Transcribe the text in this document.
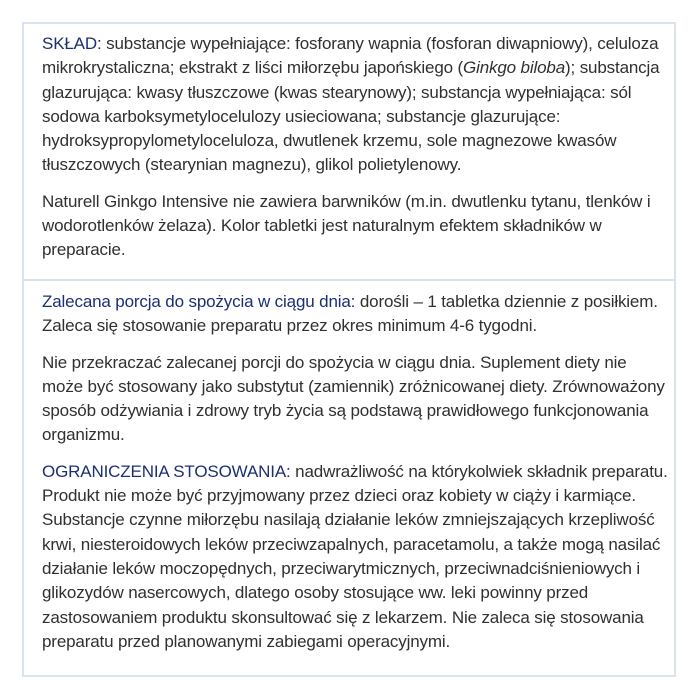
SKŁAD: substancje wypełniające: fosforany wapnia (fosforan diwapniowy), celuloza mikrokrystaliczna; ekstrakt z liści miłorzębu japońskiego (Ginkgo biloba); substancja glazurująca: kwasy tłuszczowe (kwas stearynowy); substancja wypełniająca: sól sodowa karboksymetylocelulozy usieciowana; substancje glazurujące: hydroksypropylometyloceluloza, dwutlenek krzemu, sole magnezowe kwasów tłuszczowych (stearynian magnezu), glikol polietylenowy.

Naturell Ginkgo Intensive nie zawiera barwników (m.in. dwutlenku tytanu, tlenków i wodorotlenków żelaza). Kolor tabletki jest naturalnym efektem składników w preparacie.

Zalecana porcja do spożycia w ciągu dnia: dorośli – 1 tabletka dziennie z posiłkiem. Zaleca się stosowanie preparatu przez okres minimum 4-6 tygodni.

Nie przekraczać zalecanej porcji do spożycia w ciągu dnia. Suplement diety nie może być stosowany jako substytut (zamiennik) zróżnicowanej diety. Zrównoważony sposób odżywiania i zdrowy tryb życia są podstawą prawidłowego funkcjonowania organizmu.

OGRANICZENIA STOSOWANIA: nadwrażliwość na którykolwiek składnik preparatu. Produkt nie może być przyjmowany przez dzieci oraz kobiety w ciąży i karmiące. Substancje czynne miłorzębu nasilają działanie leków zmniejszających krzepliwość krwi, niesteroidowych leków przeciwzapalnych, paracetamolu, a także mogą nasilać działanie leków moczopędnych, przeciwarytmicznych, przeciwnadciśnieniowych i glikozydów nasercowych, dlatego osoby stosujące ww. leki powinny przed zastosowaniem produktu skonsultować się z lekarzem. Nie zaleca się stosowania preparatu przed planowanymi zabiegami operacyjnymi.
